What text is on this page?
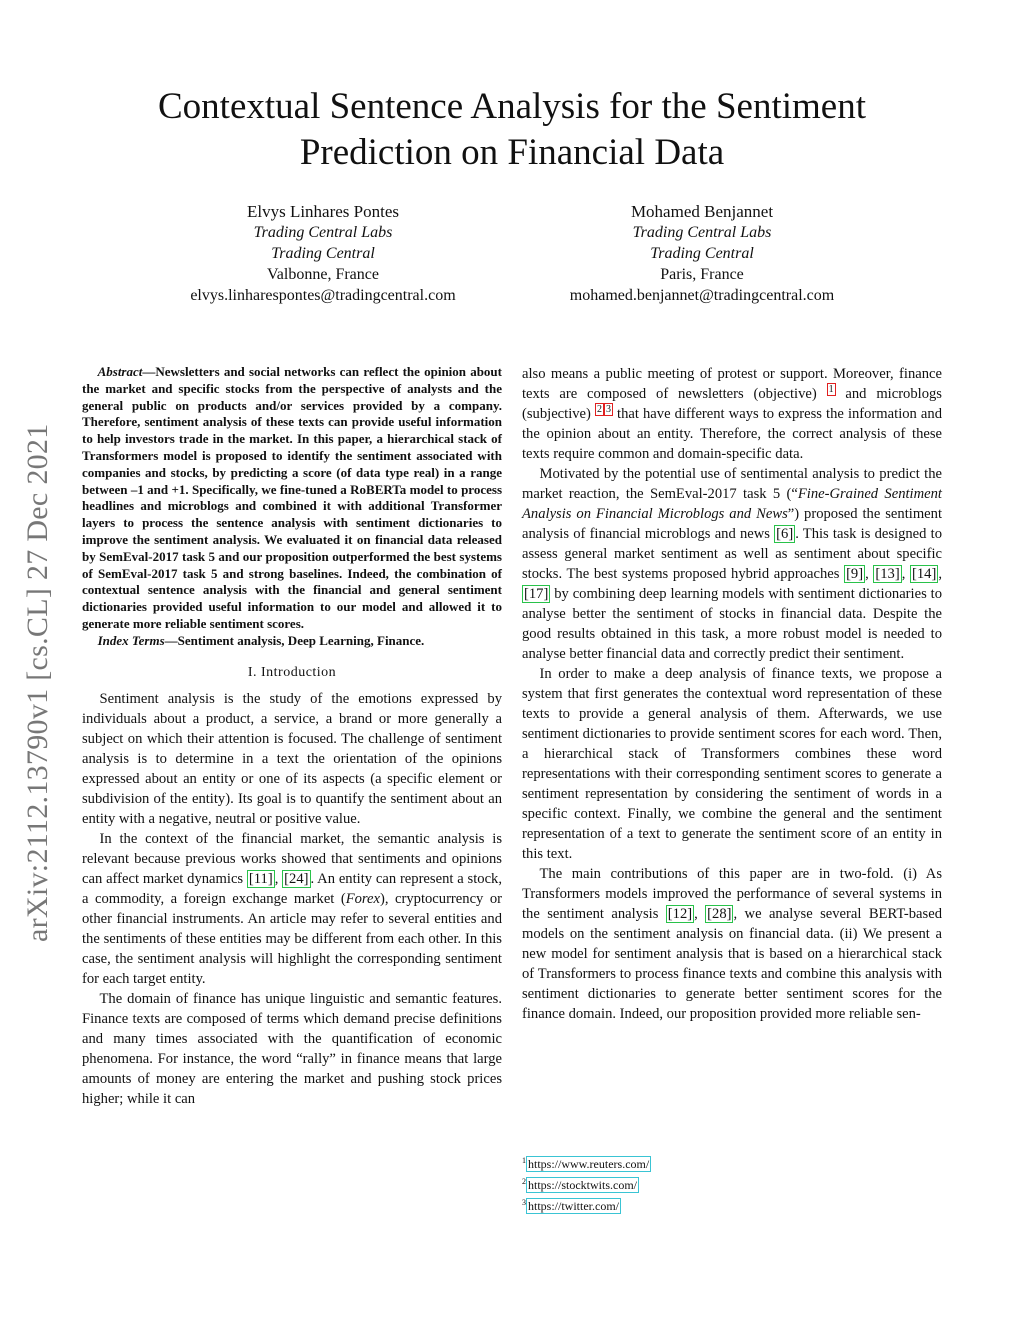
Contextual Sentence Analysis for the Sentiment
Prediction on Financial Data
Elvys Linhares Pontes
Trading Central Labs
Trading Central
Valbonne, France
elvys.linharespontes@tradingcentral.com
Mohamed Benjannet
Trading Central Labs
Trading Central
Paris, France
mohamed.benjannet@tradingcentral.com
arXiv:2112.13790v1 [cs.CL] 27 Dec 2021

Abstract—Newsletters and social networks can reflect the opinion about the market and specific stocks from the perspective of analysts and the general public on products and/or services provided by a company. Therefore, sentiment analysis of these texts can provide useful information to help investors trade in the market. In this paper, a hierarchical stack of Transformers model is proposed to identify the sentiment associated with companies and stocks, by predicting a score (of data type real) in a range between –1 and +1. Specifically, we fine-tuned a RoBERTa model to process headlines and microblogs and combined it with additional Transformer layers to process the sentence analysis with sentiment dictionaries to improve the sentiment analysis. We evaluated it on financial data released by SemEval-2017 task 5 and our proposition outperformed the best systems of SemEval-2017 task 5 and strong baselines. Indeed, the combination of contextual sentence analysis with the financial and general sentiment dictionaries provided useful information to our model and allowed it to generate more reliable sentiment scores.

Index Terms—Sentiment analysis, Deep Learning, Finance.

I. Introduction

Sentiment analysis is the study of the emotions expressed by individuals about a product, a service, a brand or more generally a subject on which their attention is focused. The challenge of sentiment analysis is to determine in a text the orientation of the opinions expressed about an entity or one of its aspects (a specific element or subdivision of the entity). Its goal is to quantify the sentiment about an entity with a negative, neutral or positive value.

In the context of the financial market, the semantic analysis is relevant because previous works showed that sentiments and opinions can affect market dynamics [11] , [24] . An entity can represent a stock, a commodity, a foreign exchange market (Forex), cryptocurrency or other financial instruments. An article may refer to several entities and the sentiments of these entities may be different from each other. In this case, the sentiment analysis will highlight the corresponding sentiment for each target entity.

The domain of finance has unique linguistic and semantic features. Finance texts are composed of terms which demand precise definitions and many times associated with the quantification of economic phenomena. For instance, the word “rally” in finance means that large amounts of money are entering the market and pushing stock prices higher; while it can

also means a public meeting of protest or support. Moreover, finance texts are composed of newsletters (objective) $^1$ and microblogs (subjective) $^2$ $^3$ that have different ways to express the information and the opinion about an entity. Therefore, the correct analysis of these texts require common and domain-specific data.

Motivated by the potential use of sentimental analysis to predict the market reaction, the SemEval-2017 task 5 (“Fine-Grained Sentiment Analysis on Financial Microblogs and News”) proposed the sentiment analysis of financial microblogs and news [6] . This task is designed to assess general market sentiment as well as sentiment about specific stocks. The best systems proposed hybrid approaches [9] , [13] , [14] , [17] by combining deep learning models with sentiment dictionaries to analyse better the sentiment of stocks in financial data. Despite the good results obtained in this task, a more robust model is needed to analyse better financial data and correctly predict their sentiment.

In order to make a deep analysis of finance texts, we propose a system that first generates the contextual word representation of these texts to provide a general analysis of them. Afterwards, we use sentiment dictionaries to provide sentiment scores for each word. Then, a hierarchical stack of Transformers combines these word representations with their corresponding sentiment scores to generate a sentiment representation by considering the sentiment of words in a specific context. Finally, we combine the general and the sentiment representation of a text to generate the sentiment score of an entity in this text.

The main contributions of this paper are in two-fold. (i) As Transformers models improved the performance of several systems in the sentiment analysis [12] , [28] , we analyse several BERT-based models on the sentiment analysis on financial data. (ii) We present a new model for sentiment analysis that is based on a hierarchical stack of Transformers to process finance texts and combine this analysis with sentiment dictionaries to generate better sentiment scores for the finance domain. Indeed, our proposition provided more reliable sen-

$^1$ https://www.reuters.com/
$^2$ https://stocktwits.com/
$^3$ https://twitter.com/
